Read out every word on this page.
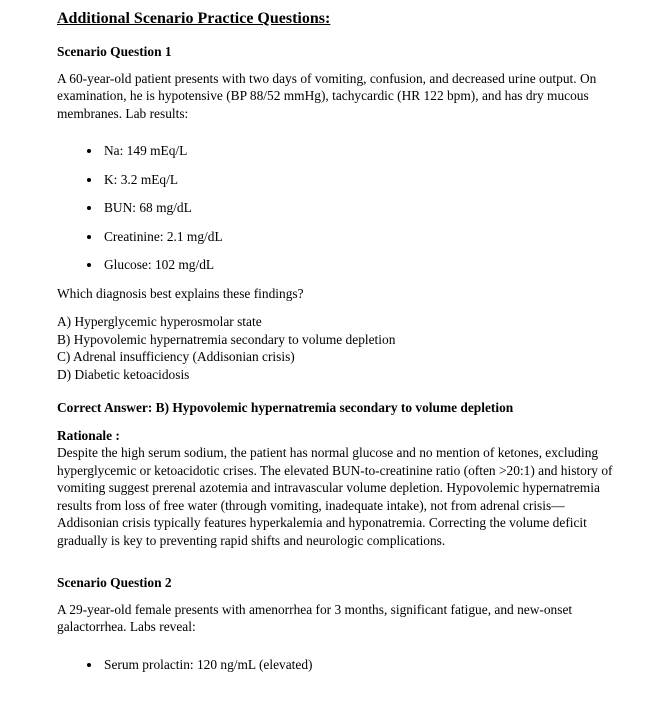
Additional Scenario Practice Questions:
Scenario Question 1

A 60-year-old patient presents with two days of vomiting, confusion, and decreased urine output. On examination, he is hypotensive (BP 88/52 mmHg), tachycardic (HR 122 bpm), and has dry mucous membranes. Lab results:

• Na: 149 mEq/L
• K: 3.2 mEq/L
• BUN: 68 mg/dL
• Creatinine: 2.1 mg/dL
• Glucose: 102 mg/dL

Which diagnosis best explains these findings?

A) Hyperglycemic hyperosmolar state
B) Hypovolemic hypernatremia secondary to volume depletion
C) Adrenal insufficiency (Addisonian crisis)
D) Diabetic ketoacidosis

Correct Answer: B) Hypovolemic hypernatremia secondary to volume depletion

Rationale :
Despite the high serum sodium, the patient has normal glucose and no mention of ketones, excluding hyperglycemic or ketoacidotic crises. The elevated BUN-to-creatinine ratio (often >20:1) and history of vomiting suggest prerenal azotemia and intravascular volume depletion. Hypovolemic hypernatremia results from loss of free water (through vomiting, inadequate intake), not from adrenal crisis—Addisonian crisis typically features hyperkalemia and hyponatremia. Correcting the volume deficit gradually is key to preventing rapid shifts and neurologic complications.
Scenario Question 2

A 29-year-old female presents with amenorrhea for 3 months, significant fatigue, and new-onset galactorrhea. Labs reveal:

• Serum prolactin: 120 ng/mL (elevated)
